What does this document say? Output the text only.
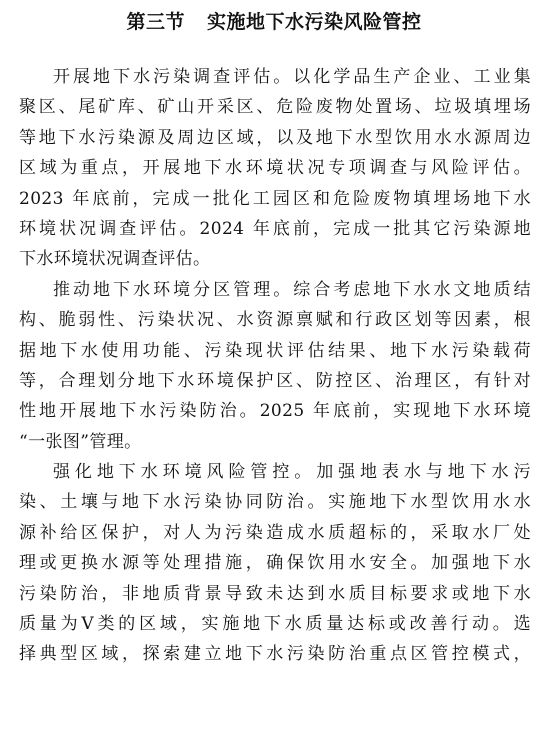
第三节 实施地下水污染风险管控

开展地下水污染调查评估。以化学品生产企业、工业集
聚区、尾矿库、矿山开采区、危险废物处置场、垃圾填埋场
等地下水污染源及周边区域，以及地下水型饮用水水源周边
区域为重点，开展地下水环境状况专项调查与风险评估。
2023 年底前，完成一批化工园区和危险废物填埋场地下水
环境状况调查评估。2024 年底前，完成一批其它污染源地
下水环境状况调查评估。

推动地下水环境分区管理。综合考虑地下水水文地质结
构、脆弱性、污染状况、水资源禀赋和行政区划等因素，根
据地下水使用功能、污染现状评估结果、地下水污染载荷
等，合理划分地下水环境保护区、防控区、治理区，有针对
性地开展地下水污染防治。2025 年底前，实现地下水环境
“一张图”管理。

强化地下水环境风险管控。加强地表水与地下水污
染、土壤与地下水污染协同防治。实施地下水型饮用水水
源补给区保护，对人为污染造成水质超标的，采取水厂处
理或更换水源等处理措施，确保饮用水安全。加强地下水
污染防治，非地质背景导致未达到水质目标要求或地下水
质量为Ⅴ类的区域，实施地下水质量达标或改善行动。选
择典型区域，探索建立地下水污染防治重点区管控模式，
